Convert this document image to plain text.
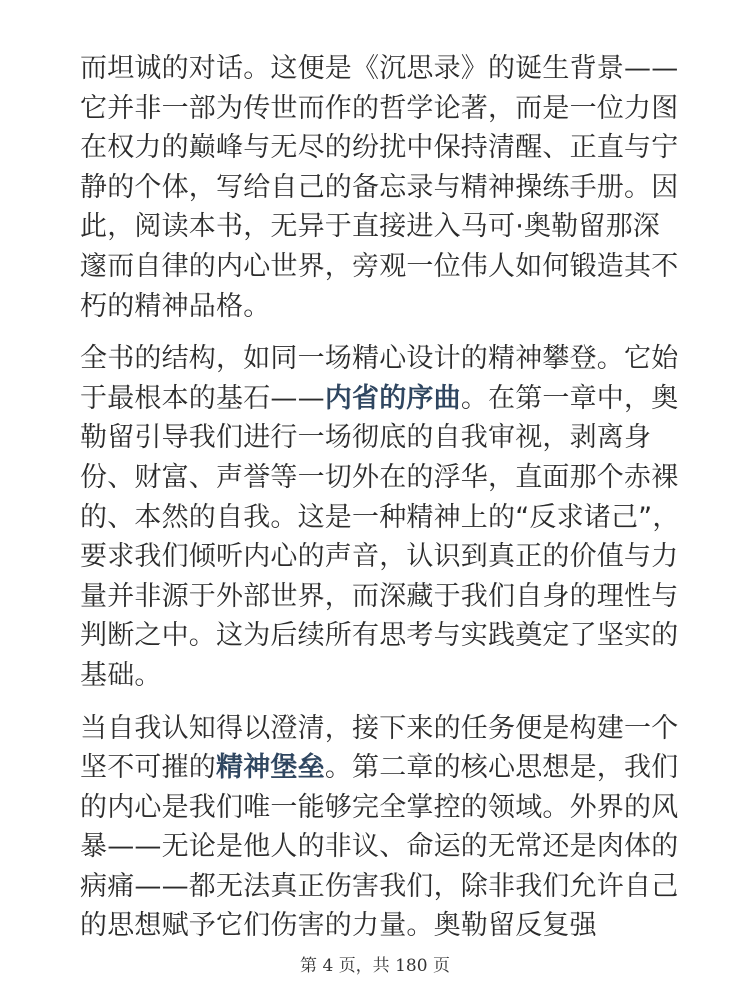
而坦诚的对话。这便是《沉思录》的诞生背景——它并非一部为传世而作的哲学论著，而是一位力图在权力的巅峰与无尽的纷扰中保持清醒、正直与宁静的个体，写给自己的备忘录与精神操练手册。因此，阅读本书，无异于直接进入马可·奥勒留那深邃而自律的内心世界，旁观一位伟人如何锻造其不朽的精神品格。

全书的结构，如同一场精心设计的精神攀登。它始于最根本的基石——内省的序曲。在第一章中，奥勒留引导我们进行一场彻底的自我审视，剥离身份、财富、声誉等一切外在的浮华，直面那个赤裸的、本然的自我。这是一种精神上的“反求诸己”，要求我们倾听内心的声音，认识到真正的价值与力量并非源于外部世界，而深藏于我们自身的理性与判断之中。这为后续所有思考与实践奠定了坚实的基础。

当自我认知得以澄清，接下来的任务便是构建一个坚不可摧的精神堡垒。第二章的核心思想是，我们的内心是我们唯一能够完全掌控的领域。外界的风暴——无论是他人的非议、命运的无常还是肉体的病痛——都无法真正伤害我们，除非我们允许自己的思想赋予它们伤害的力量。奥勒留反复强

第 4 页，共 180 页
